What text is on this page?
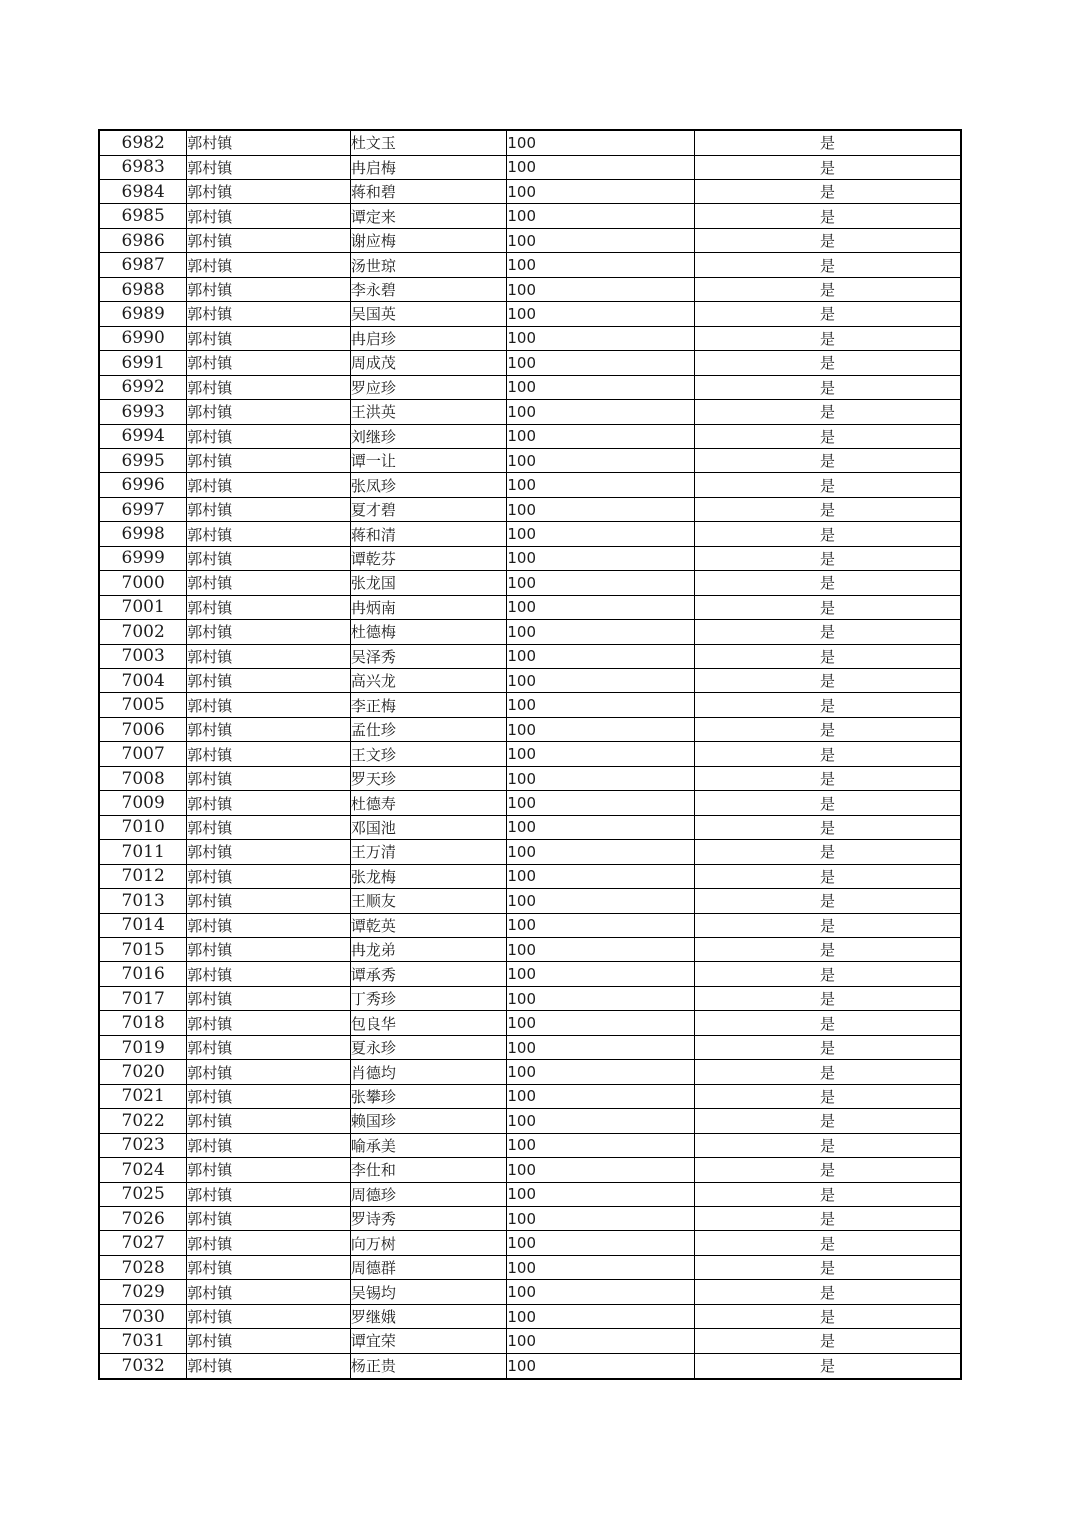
6982	郭村镇	杜文玉	100	是
6983	郭村镇	冉启梅	100	是
6984	郭村镇	蒋和碧	100	是
6985	郭村镇	谭定来	100	是
6986	郭村镇	谢应梅	100	是
6987	郭村镇	汤世琼	100	是
6988	郭村镇	李永碧	100	是
6989	郭村镇	吴国英	100	是
6990	郭村镇	冉启珍	100	是
6991	郭村镇	周成茂	100	是
6992	郭村镇	罗应珍	100	是
6993	郭村镇	王洪英	100	是
6994	郭村镇	刘继珍	100	是
6995	郭村镇	谭一让	100	是
6996	郭村镇	张凤珍	100	是
6997	郭村镇	夏才碧	100	是
6998	郭村镇	蒋和清	100	是
6999	郭村镇	谭乾芬	100	是
7000	郭村镇	张龙国	100	是
7001	郭村镇	冉炳南	100	是
7002	郭村镇	杜德梅	100	是
7003	郭村镇	吴泽秀	100	是
7004	郭村镇	高兴龙	100	是
7005	郭村镇	李正梅	100	是
7006	郭村镇	孟仕珍	100	是
7007	郭村镇	王文珍	100	是
7008	郭村镇	罗天珍	100	是
7009	郭村镇	杜德寿	100	是
7010	郭村镇	邓国池	100	是
7011	郭村镇	王万清	100	是
7012	郭村镇	张龙梅	100	是
7013	郭村镇	王顺友	100	是
7014	郭村镇	谭乾英	100	是
7015	郭村镇	冉龙弟	100	是
7016	郭村镇	谭承秀	100	是
7017	郭村镇	丁秀珍	100	是
7018	郭村镇	包良华	100	是
7019	郭村镇	夏永珍	100	是
7020	郭村镇	肖德均	100	是
7021	郭村镇	张攀珍	100	是
7022	郭村镇	赖国珍	100	是
7023	郭村镇	喻承美	100	是
7024	郭村镇	李仕和	100	是
7025	郭村镇	周德珍	100	是
7026	郭村镇	罗诗秀	100	是
7027	郭村镇	向万树	100	是
7028	郭村镇	周德群	100	是
7029	郭村镇	吴锡均	100	是
7030	郭村镇	罗继娥	100	是
7031	郭村镇	谭宜荣	100	是
7032	郭村镇	杨正贵	100	是
